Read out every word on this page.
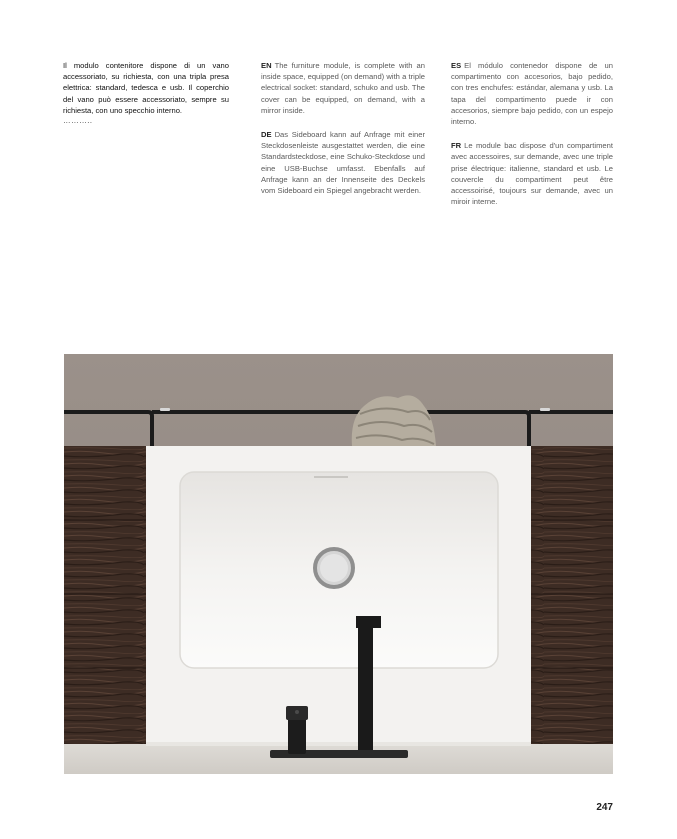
Il modulo contenitore dispone di un vano accessoriato, su richiesta, con una tripla presa elettrica: standard, tedesca e usb. Il coperchio del vano può essere accessoriato, sempre su richiesta, con uno specchio interno.

………..

EN The furniture module, is complete with an inside space, equipped (on demand) with a triple electrical socket: standard, schuko and usb. The cover can be equipped, on demand, with a mirror inside.

DE Das Sideboard kann auf Anfrage mit einer Steckdosenleiste ausgestattet werden, die eine Standardsteckdose, eine Schuko-Steckdose und eine USB-Buchse umfasst. Ebenfalls auf Anfrage kann an der Innenseite des Deckels vom Sideboard ein Spiegel angebracht werden.

ES El módulo contenedor dispone de un compartimento con accesorios, bajo pedido, con tres enchufes: estándar, alemana y usb. La tapa del compartimento puede ir con accesorios, siempre bajo pedido, con un espejo interno.

FR Le module bac dispose d'un compartiment avec accessoires, sur demande, avec une triple prise électrique: italienne, standard et usb. Le couvercle du compartiment peut être accessoirisé, toujours sur demande, avec un miroir interne.

247
